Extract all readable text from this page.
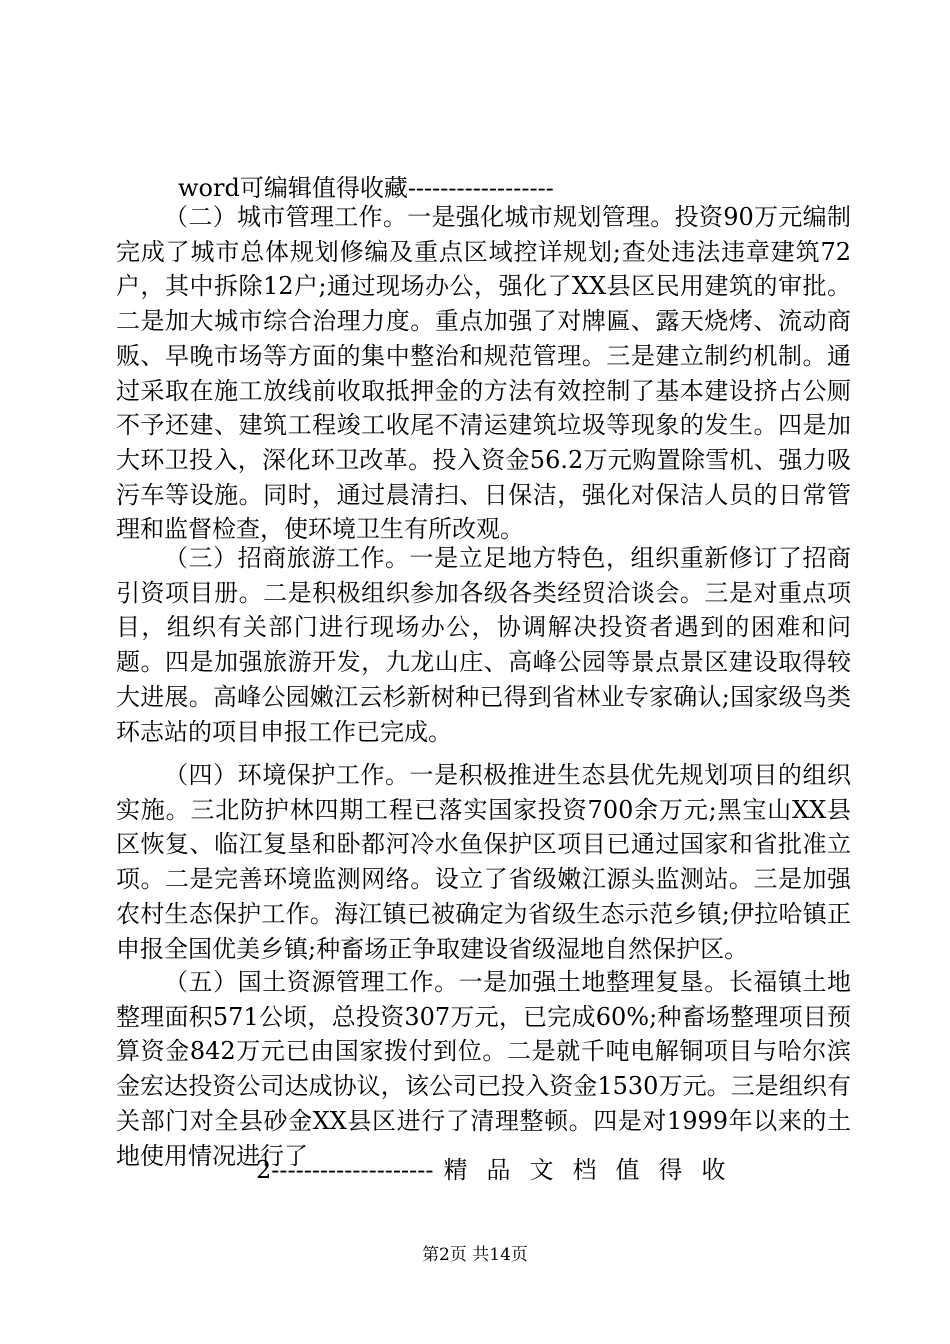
word可编辑值得收藏------------------

（二）城市管理工作。一是强化城市规划管理。投资90万元编制完成了城市总体规划修编及重点区域控详规划;查处违法违章建筑72户，其中拆除12户;通过现场办公，强化了XX县区民用建筑的审批。二是加大城市综合治理力度。重点加强了对牌匾、露天烧烤、流动商贩、早晚市场等方面的集中整治和规范管理。三是建立制约机制。通过采取在施工放线前收取抵押金的方法有效控制了基本建设挤占公厕不予还建、建筑工程竣工收尾不清运建筑垃圾等现象的发生。四是加大环卫投入，深化环卫改革。投入资金56.2万元购置除雪机、强力吸污车等设施。同时，通过晨清扫、日保洁，强化对保洁人员的日常管理和监督检查，使环境卫生有所改观。

（三）招商旅游工作。一是立足地方特色，组织重新修订了招商引资项目册。二是积极组织参加各级各类经贸洽谈会。三是对重点项目，组织有关部门进行现场办公，协调解决投资者遇到的困难和问题。四是加强旅游开发，九龙山庄、高峰公园等景点景区建设取得较大进展。高峰公园嫩江云杉新树种已得到省林业专家确认;国家级鸟类环志站的项目申报工作已完成。

（四）环境保护工作。一是积极推进生态县优先规划项目的组织实施。三北防护林四期工程已落实国家投资700余万元;黑宝山XX县区恢复、临江复垦和卧都河冷水鱼保护区项目已通过国家和省批准立项。二是完善环境监测网络。设立了省级嫩江源头监测站。三是加强农村生态保护工作。海江镇已被确定为省级生态示范乡镇;伊拉哈镇正申报全国优美乡镇;种畜场正争取建设省级湿地自然保护区。

（五）国土资源管理工作。一是加强土地整理复垦。长福镇土地整理面积571公顷，总投资307万元，已完成60%;种畜场整理项目预算资金842万元已由国家拨付到位。二是就千吨电解铜项目与哈尔滨金宏达投资公司达成协议，该公司已投入资金1530万元。三是组织有关部门对全县砂金XX县区进行了清理整顿。四是对1999年以来的土地使用情况进行了

2-------------------- 精品文档值得收
第2页 共14页
